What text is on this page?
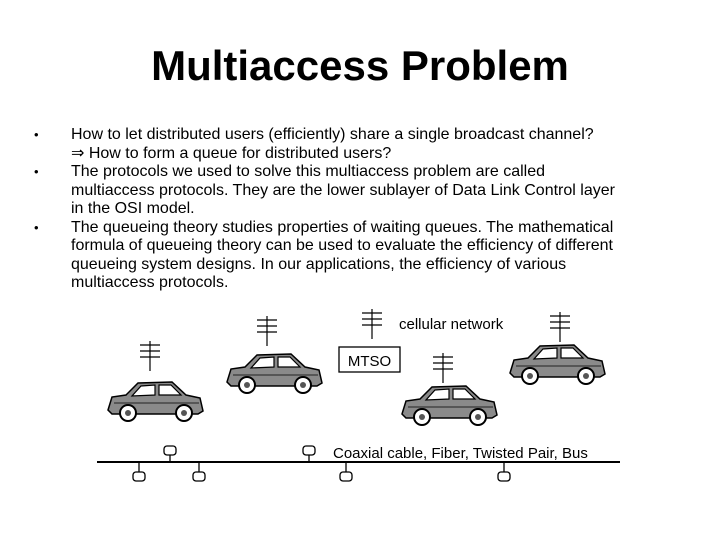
Multiaccess Problem
• How to let distributed users (efficiently) share a single broadcast channel?
⇒ How to form a queue for distributed users?
• The protocols we used to solve this multiaccess problem are called
multiaccess protocols. They are the lower sublayer of Data Link Control layer
in the OSI model.
• The queueing theory studies properties of waiting queues. The mathematical
formula of queueing theory can be used to evaluate the efficiency of different
queueing system designs. In our applications, the efficiency of various
multiaccess protocols.
cellular network
MTSO
Coaxial cable, Fiber, Twisted Pair, Bus
